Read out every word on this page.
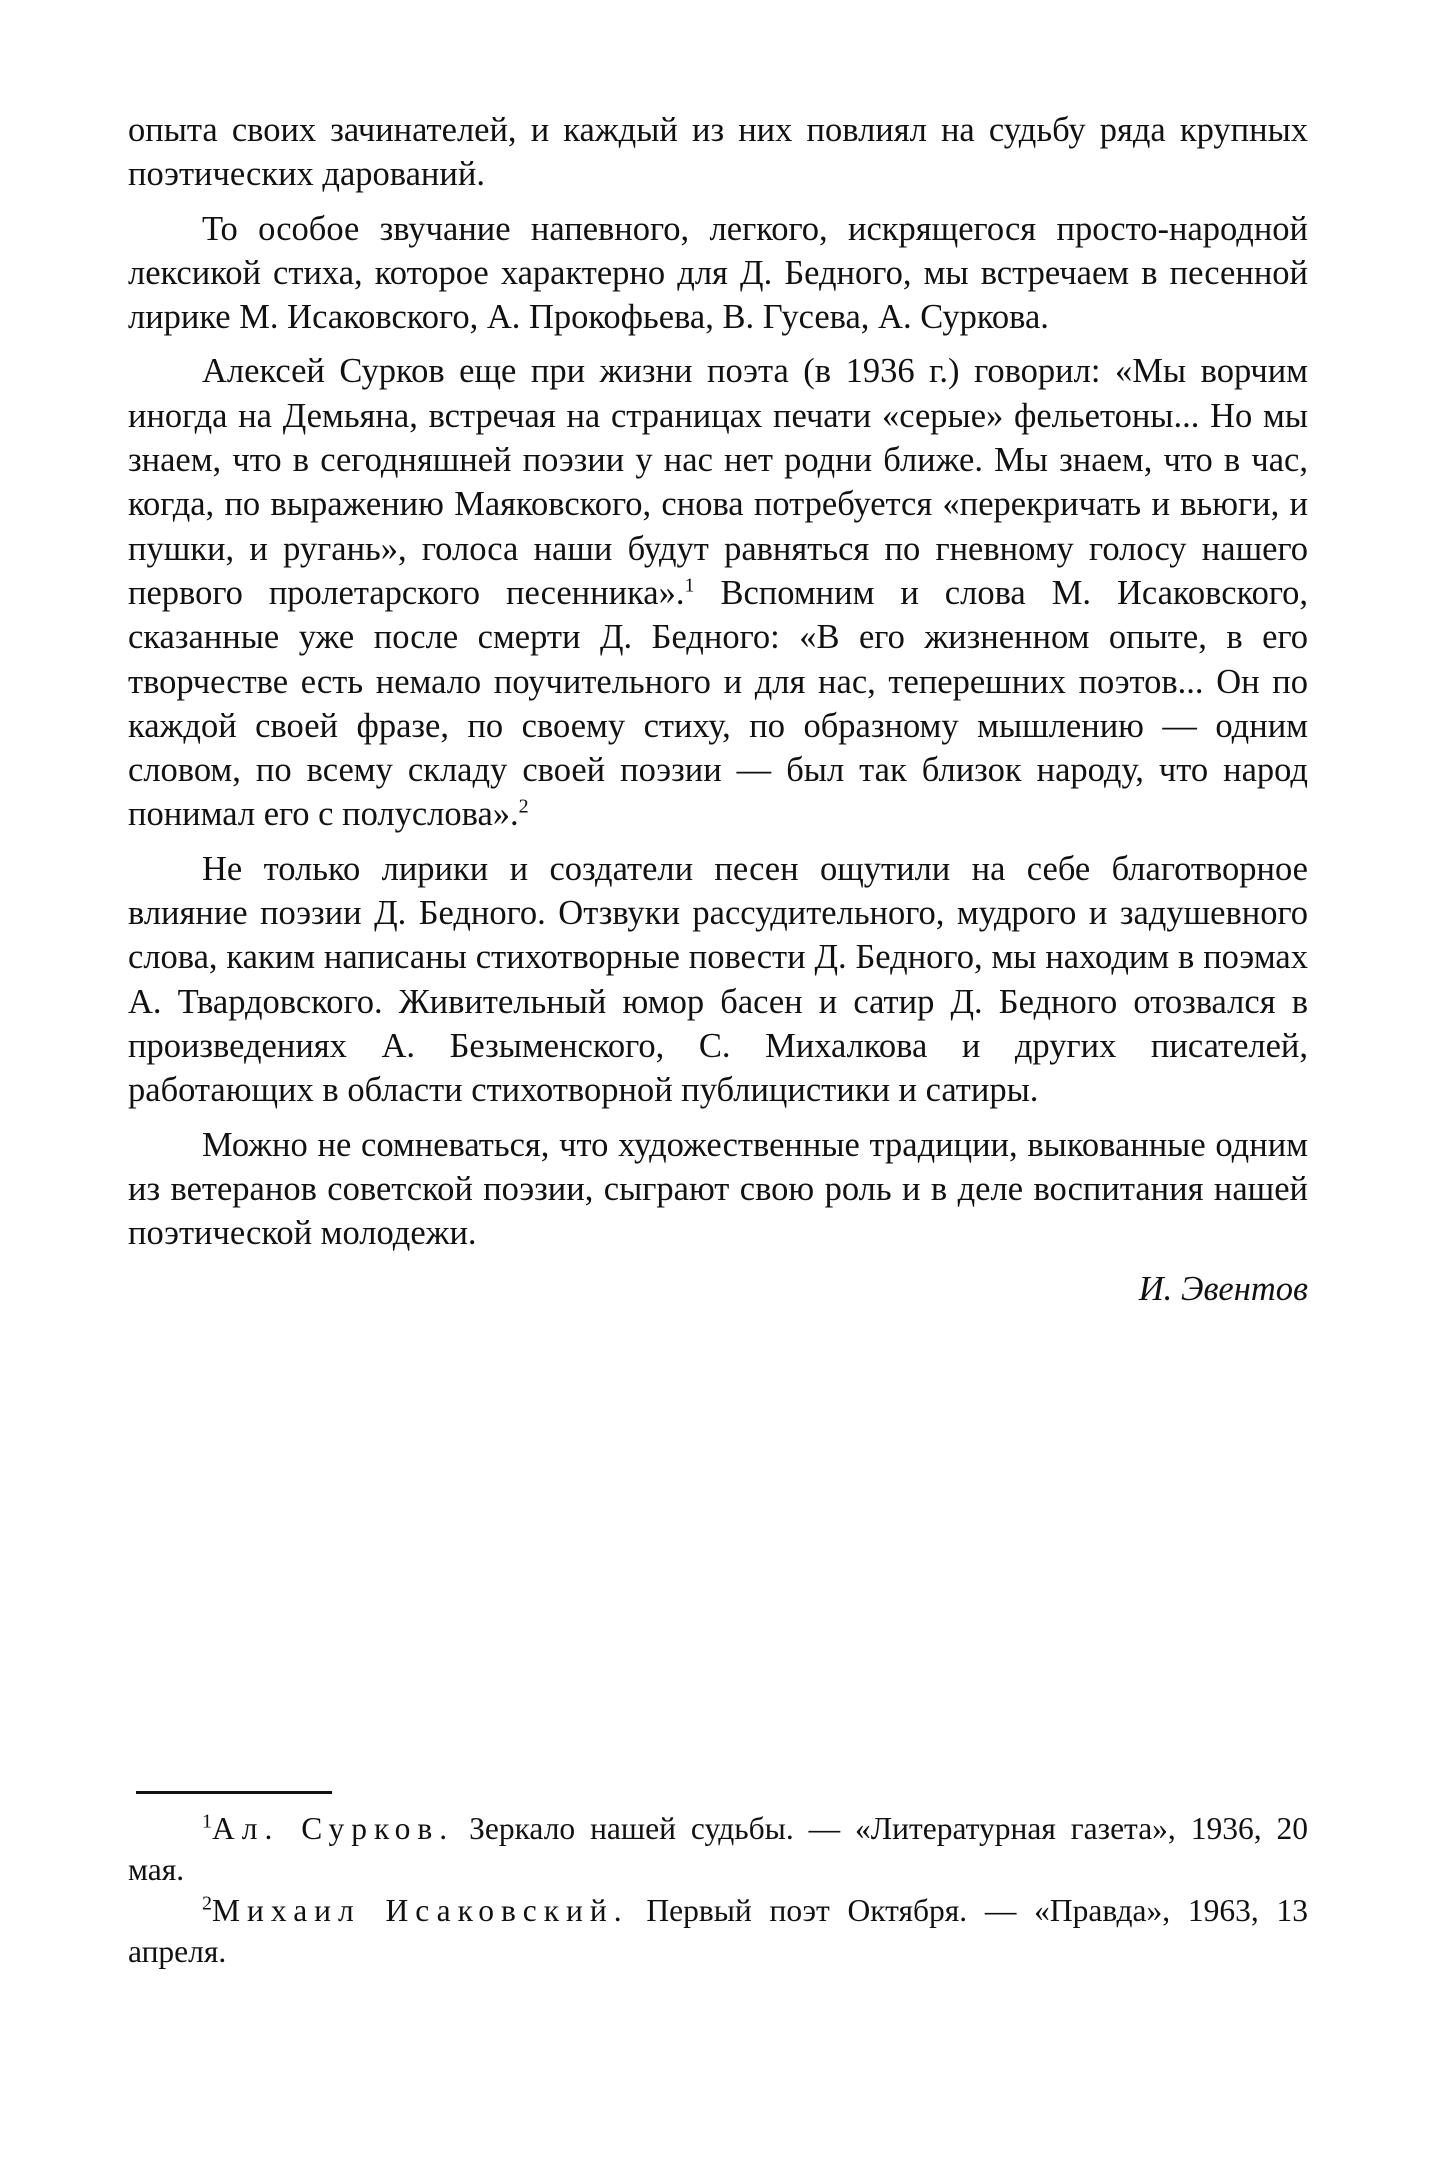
опыта своих зачинателей, и каждый из них повлиял на судьбу ряда крупных поэтических дарований.

То особое звучание напевного, легкого, искрящегося просто-народной лексикой стиха, которое характерно для Д. Бедного, мы встречаем в песенной лирике М. Исаковского, А. Прокофьева, В. Гусева, А. Суркова.

Алексей Сурков еще при жизни поэта (в 1936 г.) говорил: «Мы ворчим иногда на Демьяна, встречая на страницах печати «серые» фельетоны... Но мы знаем, что в сегодняшней поэзии у нас нет родни ближе. Мы знаем, что в час, когда, по выражению Маяковского, снова потребуется «перекричать и вьюги, и пушки, и ругань», голоса наши будут равняться по гневному голосу нашего первого пролетарского песенника».$^1$ Вспомним и слова М. Исаковского, сказанные уже после смерти Д. Бедного: «В его жизненном опыте, в его творчестве есть немало поучительного и для нас, теперешних поэтов... Он по каждой своей фразе, по своему стиху, по образному мышлению — одним словом, по всему складу своей поэзии — был так близок народу, что народ понимал его с полуслова».$^2$

Не только лирики и создатели песен ощутили на себе благотворное влияние поэзии Д. Бедного. Отзвуки рассудительного, мудрого и задушевного слова, каким написаны стихотворные повести Д. Бедного, мы находим в поэмах А. Твардовского. Живительный юмор басен и сатир Д. Бедного отозвался в произведениях А. Безыменского, С. Михалкова и других писателей, работающих в области стихотворной публицистики и сатиры.

Можно не сомневаться, что художественные традиции, выкованные одним из ветеранов советской поэзии, сыграют свою роль и в деле воспитания нашей поэтической молодежи.

И. Эвентов

$^1$Ал. Сурков. Зеркало нашей судьбы. — «Литературная газета», 1936, 20 мая.

$^2$Михаил Исаковский. Первый поэт Октября. — «Правда», 1963, 13 апреля.
